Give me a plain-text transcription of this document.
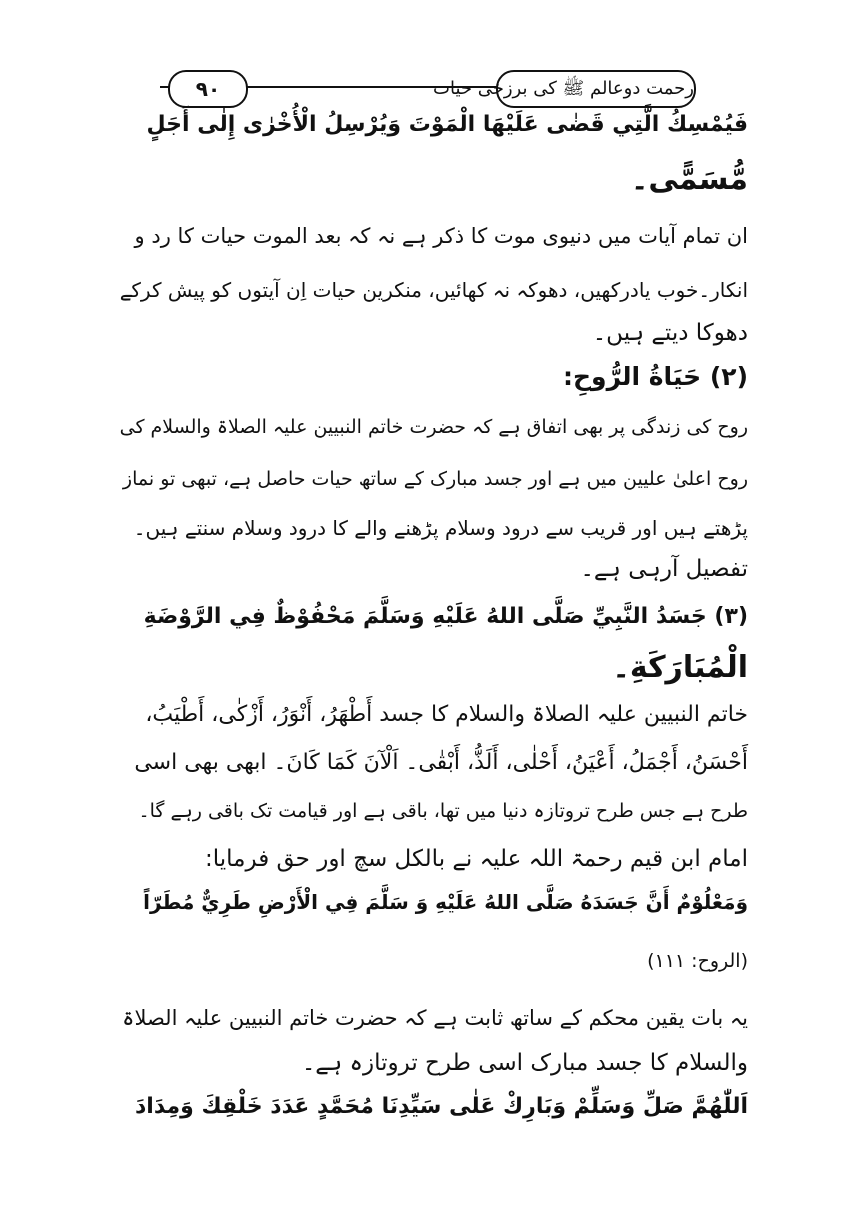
۹۰	رحمت دوعالم ﷺ کی برزخی حیات
فَيُمْسِكُ الَّتِي قَضٰى عَلَيْهَا الْمَوْتَ وَيُرْسِلُ الْأُخْرٰى إِلٰى أَجَلٍ
مُّسَمًّى۔
ان تمام آیات میں دنیوی موت کا ذکر ہے نہ کہ بعد الموت حیات کا رد و
انکار۔خوب یادرکھیں، دھوکہ نہ کھائیں، منکرین حیات اِن آیتوں کو پیش کرکے
دھوکا دیتے ہیں۔
(۲) حَيَاةُ الرُّوحِ:
روح کی زندگی پر بھی اتفاق ہے کہ حضرت خاتم النبیین علیہ الصلاۃ والسلام کی
روح اعلیٰ علیین میں ہے اور جسد مبارک کے ساتھ حیات حاصل ہے، تبھی تو نماز
پڑھتے ہیں اور قریب سے درود وسلام پڑھنے والے کا درود وسلام سنتے ہیں۔
تفصیل آرہی ہے۔
(۳) جَسَدُ النَّبِيِّ صَلَّى اللهُ عَلَيْهِ وَسَلَّمَ مَحْفُوْظٌ فِي الرَّوْضَةِ
الْمُبَارَكَةِ۔
خاتم النبیین علیہ الصلاۃ والسلام کا جسد أَطْهَرُ، أَنْوَرُ، أَزْكٰى، أَطْيَبُ،
أَحْسَنُ، أَجْمَلُ، أَعْيَنُ، أَحْلٰى، أَلَذُّ، أَبْقٰى۔ اَلْآنَ كَمَا كَانَ۔ ابھی بھی اسی
طرح ہے جس طرح تروتازہ دنیا میں تھا، باقی ہے اور قیامت تک باقی رہے گا۔
امام ابن قیم رحمۃ اللہ علیہ نے بالکل سچ اور حق فرمایا:
وَمَعْلُوْمٌ أَنَّ جَسَدَهُ صَلَّى اللهُ عَلَيْهِ وَ سَلَّمَ فِي الْأَرْضِ طَرِيٌّ مُطَرّاً
(الروح: ۱۱۱)
یہ بات یقین محکم کے ساتھ ثابت ہے کہ حضرت خاتم النبیین علیہ الصلاۃ
والسلام کا جسد مبارک اسی طرح تروتازہ ہے۔
اَللّٰهُمَّ صَلِّ وَسَلِّمْ وَبَارِكْ عَلٰى سَيِّدِنَا مُحَمَّدٍ عَدَدَ خَلْقِكَ وَمِدَادَ
